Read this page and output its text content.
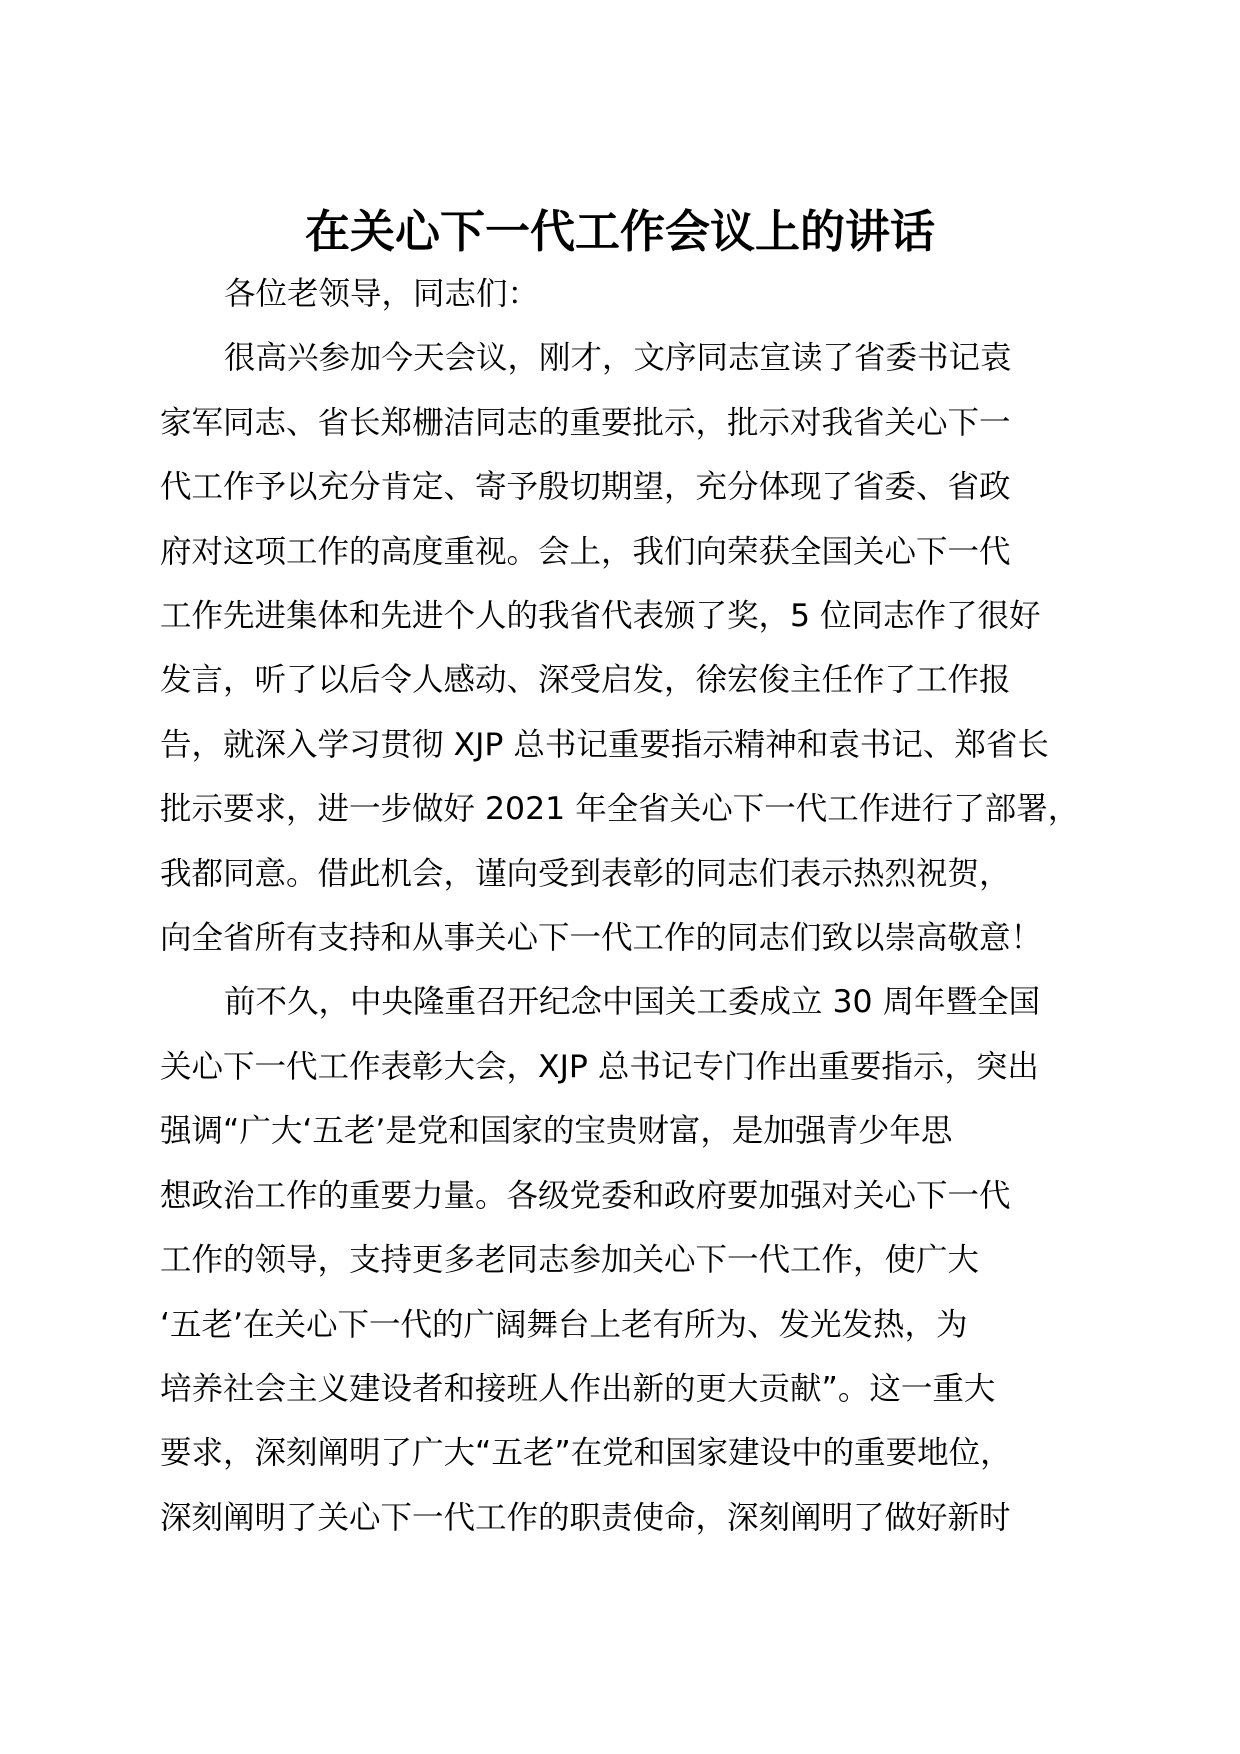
在关心下一代工作会议上的讲话

各位老领导，同志们：

很高兴参加今天会议，刚才，文序同志宣读了省委书记袁
家军同志、省长郑栅洁同志的重要批示，批示对我省关心下一
代工作予以充分肯定、寄予殷切期望，充分体现了省委、省政
府对这项工作的高度重视。会上，我们向荣获全国关心下一代
工作先进集体和先进个人的我省代表颁了奖，5 位同志作了很好
发言，听了以后令人感动、深受启发，徐宏俊主任作了工作报
告，就深入学习贯彻 XJP 总书记重要指示精神和袁书记、郑省长
批示要求，进一步做好 2021 年全省关心下一代工作进行了部署，
我都同意。借此机会，谨向受到表彰的同志们表示热烈祝贺，
向全省所有支持和从事关心下一代工作的同志们致以崇高敬意！

前不久，中央隆重召开纪念中国关工委成立 30 周年暨全国
关心下一代工作表彰大会，XJP 总书记专门作出重要指示，突出
强调“广大‘五老’是党和国家的宝贵财富，是加强青少年思
想政治工作的重要力量。各级党委和政府要加强对关心下一代
工作的领导，支持更多老同志参加关心下一代工作，使广大
‘五老’在关心下一代的广阔舞台上老有所为、发光发热，为
培养社会主义建设者和接班人作出新的更大贡献”。这一重大
要求，深刻阐明了广大“五老”在党和国家建设中的重要地位，
深刻阐明了关心下一代工作的职责使命，深刻阐明了做好新时
